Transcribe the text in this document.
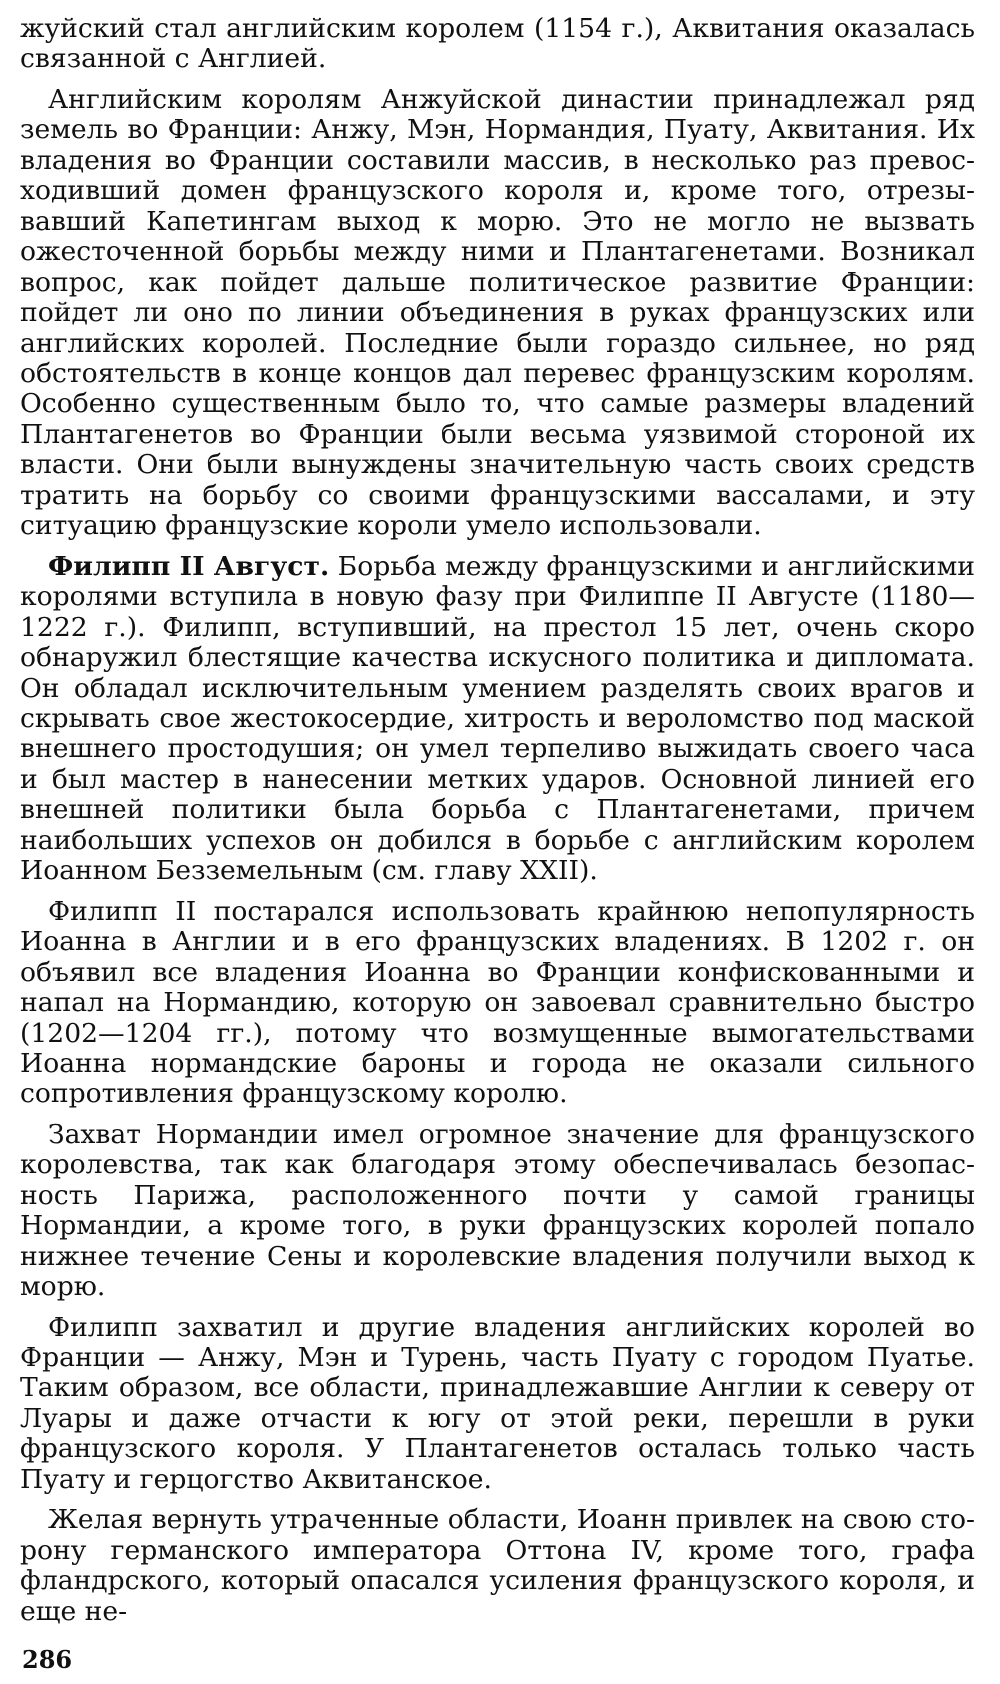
жуйский стал английским королем (1154 г.), Аквитания оказалась связанной с Англией.

Английским королям Анжуйской династии принадлежал ряд земель во Франции: Анжу, Мэн, Нормандия, Пуату, Аквитания. Их владения во Франции составили массив, в несколько раз превосходивший домен французского короля и, кроме того, отрезывавший Капетингам выход к морю. Это не могло не вызвать ожесточенной борьбы между ними и Плантагенетами. Возникал вопрос, как пойдет дальше политическое развитие Франции: пойдет ли оно по линии объединения в руках французских или английских королей. Последние были гораздо сильнее, но ряд обстоятельств в конце концов дал перевес французским королям. Особенно существенным было то, что самые размеры владений Плантагенетов во Франции были весьма уязвимой стороной их власти. Они были вынуждены значительную часть своих средств тратить на борьбу со своими французскими вассалами, и эту ситуацию французские короли умело использовали.

Филипп II Август. Борьба между французскими и английскими королями вступила в новую фазу при Филиппе II Августе (1180—1222 г.). Филипп, вступивший, на престол 15 лет, очень скоро обнаружил блестящие качества искусного политика и дипломата. Он обладал исключительным умением разделять своих врагов и скрывать свое жестокосердие, хитрость и вероломство под маской внешнего простодушия; он умел терпеливо выжидать своего часа и был мастер в нанесении метких ударов. Основной линией его внешней политики была борьба с Плантагенетами, причем наибольших успехов он добился в борьбе с английским королем Иоанном Безземельным (см. главу XXII).

Филипп II постарался использовать крайнюю непопулярность Иоанна в Англии и в его французских владениях. В 1202 г. он объявил все владения Иоанна во Франции конфискованными и напал на Нормандию, которую он завоевал сравнительно быстро (1202—1204 гг.), потому что возмущенные вымогательствами Иоанна нормандские бароны и города не оказали сильного сопротивления французскому королю.

Захват Нормандии имел огромное значение для французского королевства, так как благодаря этому обеспечивалась безопасность Парижа, расположенного почти у самой границы Нормандии, а кроме того, в руки французских королей попало нижнее течение Сены и королевские владения получили выход к морю.

Филипп захватил и другие владения английских королей во Франции — Анжу, Мэн и Турень, часть Пуату с городом Пуатье. Таким образом, все области, принадлежавшие Англии к северу от Луары и даже отчасти к югу от этой реки, перешли в руки французского короля. У Плантагенетов осталась только часть Пуату и герцогство Аквитанское.

Желая вернуть утраченные области, Иоанн привлек на свою сторону германского императора Оттона IV, кроме того, графа фландрского, который опасался усиления французского короля, и еще не-

286
